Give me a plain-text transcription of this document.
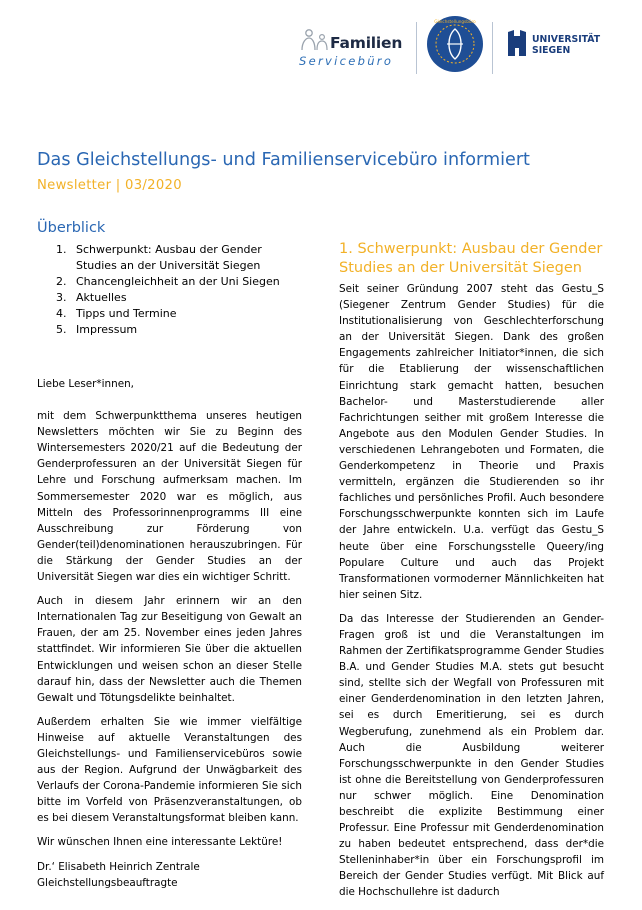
Familien
Servicebüro
Gleichstellungsbüro
UNIVERSITÄT
SIEGEN
Das Gleichstellungs- und Familienservicebüro informiert
Newsletter | 03/2020
Überblick
1. Schwerpunkt: Ausbau der Gender Studies an der Universität Siegen
2. Chancengleichheit an der Uni Siegen
3. Aktuelles
4. Tipps und Termine
5. Impressum

Liebe Leser*innen,

mit dem Schwerpunktthema unseres heutigen Newsletters möchten wir Sie zu Beginn des Wintersemesters 2020/21 auf die Bedeutung der Genderprofessuren an der Universität Siegen für Lehre und Forschung aufmerksam machen. Im Sommersemester 2020 war es möglich, aus Mitteln des Professorinnenprogramms III eine Ausschreibung zur Förderung von Gender(teil)denominationen herauszubringen. Für die Stärkung der Gender Studies an der Universität Siegen war dies ein wichtiger Schritt.

Auch in diesem Jahr erinnern wir an den Internationalen Tag zur Beseitigung von Gewalt an Frauen, der am 25. November eines jeden Jahres stattfindet. Wir informieren Sie über die aktuellen Entwicklungen und weisen schon an dieser Stelle darauf hin, dass der Newsletter auch die Themen Gewalt und Tötungsdelikte beinhaltet.

Außerdem erhalten Sie wie immer vielfältige Hinweise auf aktuelle Veranstaltungen des Gleichstellungs- und Familienservicebüros sowie aus der Region. Aufgrund der Unwägbarkeit des Verlaufs der Corona-Pandemie informieren Sie sich bitte im Vorfeld von Präsenzveranstaltungen, ob es bei diesem Veranstaltungsformat bleiben kann.

Wir wünschen Ihnen eine interessante Lektüre!

Dr.‘ Elisabeth Heinrich Zentrale Gleichstellungsbeauftragte

1. Schwerpunkt: Ausbau der Gender Studies an der Universität Siegen

Seit seiner Gründung 2007 steht das Gestu_S (Siegener Zentrum Gender Studies) für die Institutionalisierung von Geschlechterforschung an der Universität Siegen. Dank des großen Engagements zahlreicher Initiator*innen, die sich für die Etablierung der wissenschaftlichen Einrichtung stark gemacht hatten, besuchen Bachelor- und Masterstudierende aller Fachrichtungen seither mit großem Interesse die Angebote aus den Modulen Gender Studies. In verschiedenen Lehrangeboten und Formaten, die Genderkompetenz in Theorie und Praxis vermitteln, ergänzen die Studierenden so ihr fachliches und persönliches Profil. Auch besondere Forschungsschwerpunkte konnten sich im Laufe der Jahre entwickeln. U.a. verfügt das Gestu_S heute über eine Forschungsstelle Queery/ing Populare Culture und auch das Projekt Transformationen vormoderner Männlichkeiten hat hier seinen Sitz.

Da das Interesse der Studierenden an Gender-Fragen groß ist und die Veranstaltungen im Rahmen der Zertifikatsprogramme Gender Studies B.A. und Gender Studies M.A. stets gut besucht sind, stellte sich der Wegfall von Professuren mit einer Genderdenomination in den letzten Jahren, sei es durch Emeritierung, sei es durch Wegberufung, zunehmend als ein Problem dar. Auch die Ausbildung weiterer Forschungsschwerpunkte in den Gender Studies ist ohne die Bereitstellung von Genderprofessuren nur schwer möglich. Eine Denomination beschreibt die explizite Bestimmung einer Professur. Eine Professur mit Genderdenomination zu haben bedeutet entsprechend, dass der*die Stelleninhaber*in über ein Forschungsprofil im Bereich der Gender Studies verfügt. Mit Blick auf die Hochschullehre ist dadurch
